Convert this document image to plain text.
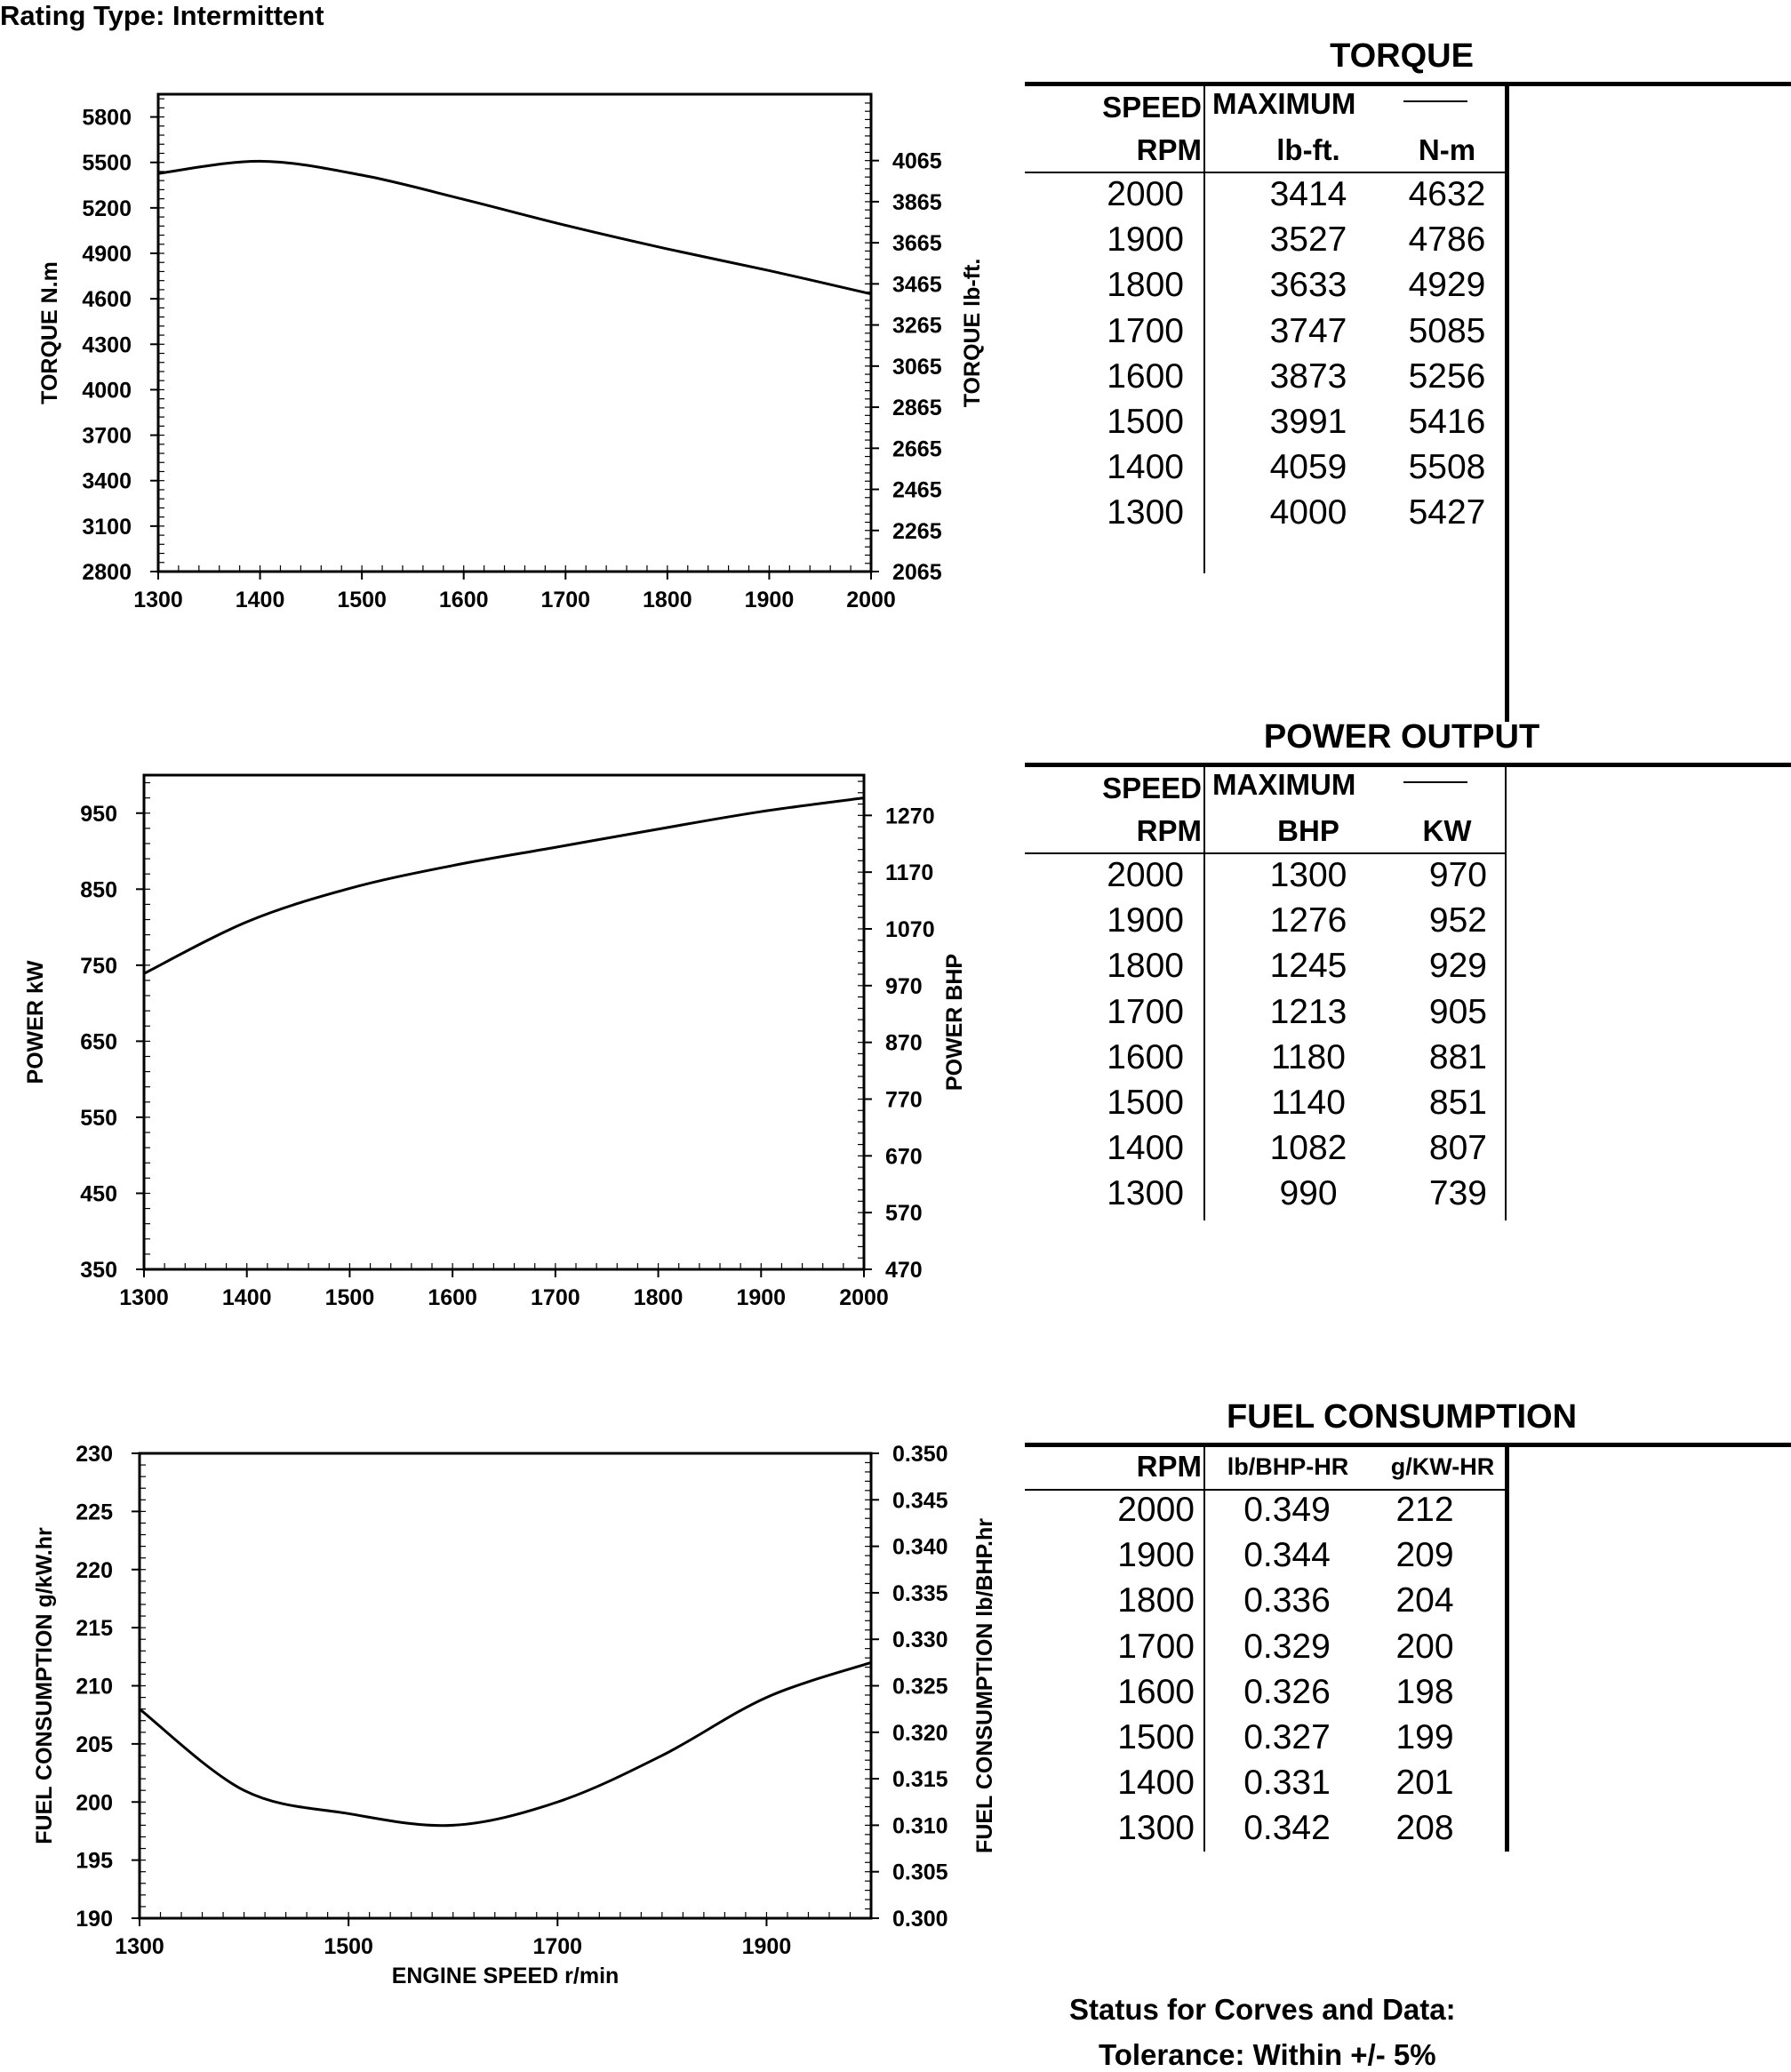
Rating Type: Intermittent
1300 1400 1500 1600 1700 1800 1900 2000
2800
3100
3400
3700
4000
4300
4600
4900
5200
5500
5800
2065
2265
2465
2665
2865
3065
3265
3465
3665
3865
4065
TORQUE N.m	TORQUE lb-ft.
1300 1400 1500 1600 1700 1800 1900 2000
350
450
550
650
750
850
950
470
570
670
770
870
970
1070
1170
1270
POWER kW	POWER BHP
1300	1500	1700	1900
190
195
200
205
210
215
220
225
230
0.300
0.305
0.310
0.315
0.320
0.325
0.330
0.335
0.340
0.345
0.350
FUEL CONSUMPTION g/kW.hr	FUEL CONSUMPTION lb/BHP.hr
ENGINE SPEED r/min
TORQUE
SPEED MAXIMUM
RPM	lb-ft.	N-m
2000	3414	4632
1900	3527	4786
1800	3633	4929
1700	3747	5085
1600	3873	5256
1500	3991	5416
1400	4059	5508
1300	4000	5427
POWER OUTPUT
SPEED MAXIMUM
RPM	BHP	KW
2000	1300	970
1900	1276	952
1800	1245	929
1700	1213	905
1600	1180	881
1500	1140	851
1400	1082	807
1300	990	739
FUEL CONSUMPTION
RPM	lb/BHP-HR	g/KW-HR
2000	0.349	212
1900	0.344	209
1800	0.336	204
1700	0.329	200
1600	0.326	198
1500	0.327	199
1400	0.331	201
1300	0.342	208
Status for Corves and Data:
Tolerance: Within +/- 5%
